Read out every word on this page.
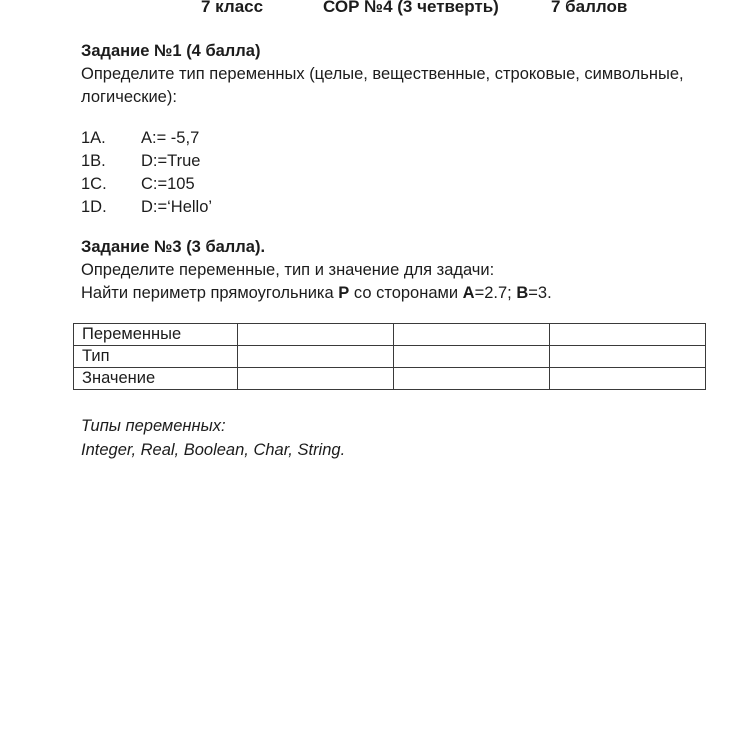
7 класс	СОР №4 (3 четверть)	7 баллов
Задание №1 (4 балла)
Определите тип переменных (целые, вещественные, строковые, символьные, логические):
1A. A:= -5,7
1B. D:=True
1C. C:=105
1D. D:=‘Hello’
Задание №3 (3 балла).
Определите переменные, тип и значение для задачи:
Найти периметр прямоугольника P со сторонами A=2.7; B=3.
Переменные			
Тип			
Значение			
Типы переменных:
Integer, Real, Boolean, Char, String.
